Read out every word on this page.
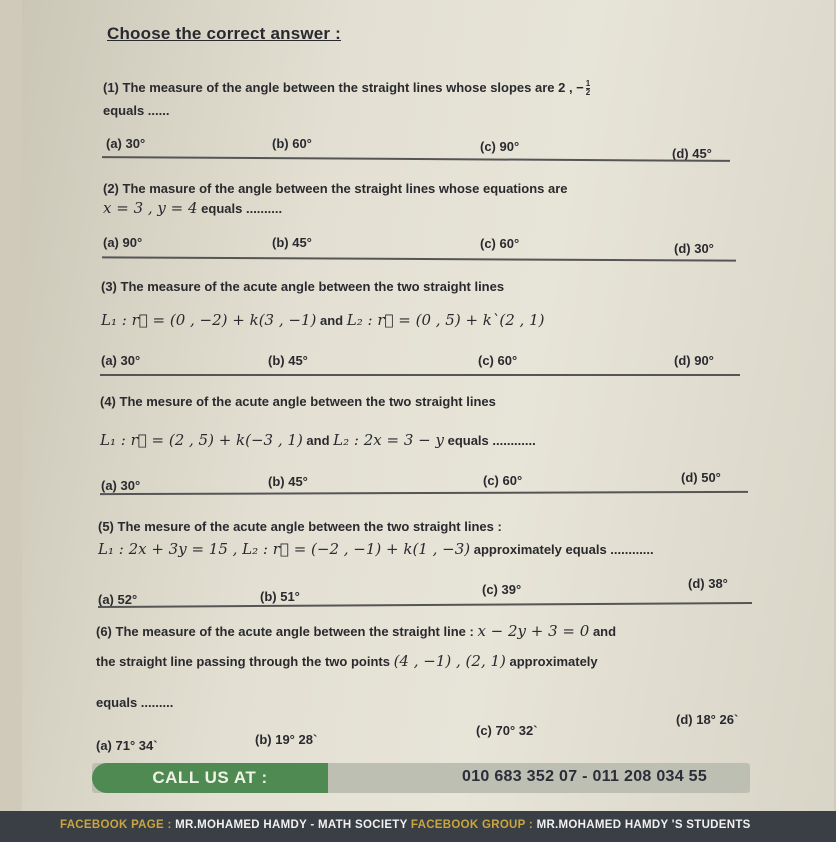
Choose the correct answer :
(1) The measure of the angle between the straight lines whose slopes are 2 , − $\frac{1}{2}$
equals ......
(a) 30°	(b) 60°	(c) 90°	(d) 45°
(2) The masure of the angle between the straight lines whose equations are
x = 3 , y = 4 equals ..........
(a) 90°	(b) 45°	(c) 60°	(d) 30°
(3) The measure of the acute angle between the two straight lines
L₁ : r⃗ = (0 , −2) + k(3 , −1) and L₂ : r⃗ = (0 , 5) + k`(2 , 1)
(a) 30°	(b) 45°	(c) 60°	(d) 90°
(4) The mesure of the acute angle between the two straight lines
L₁ : r⃗ = (2 , 5) + k(−3 , 1) and L₂ : 2x = 3 − y equals ............
(a) 30°	(b) 45°	(c) 60°	(d) 50°
(5) The mesure of the acute angle between the two straight lines :
L₁ : 2x + 3y = 15 , L₂ : r⃗ = (−2 , −1) + k(1 , −3) approximately equals ............
(a) 52°	(b) 51°	(c) 39°	(d) 38°
(6) The measure of the acute angle between the straight line : x − 2y + 3 = 0 and
the straight line passing through the two points (4 , −1) , (2, 1) approximately
equals .........
(a) 71° 34`	(b) 19° 28`
(c) 70° 32`
(d) 18° 26`
CALL US AT :	010 683 352 07 - 011 208 034 55
FACEBOOK PAGE : MR.MOHAMED HAMDY - MATH SOCIETY FACEBOOK GROUP : MR.MOHAMED HAMDY 'S STUDENTS
